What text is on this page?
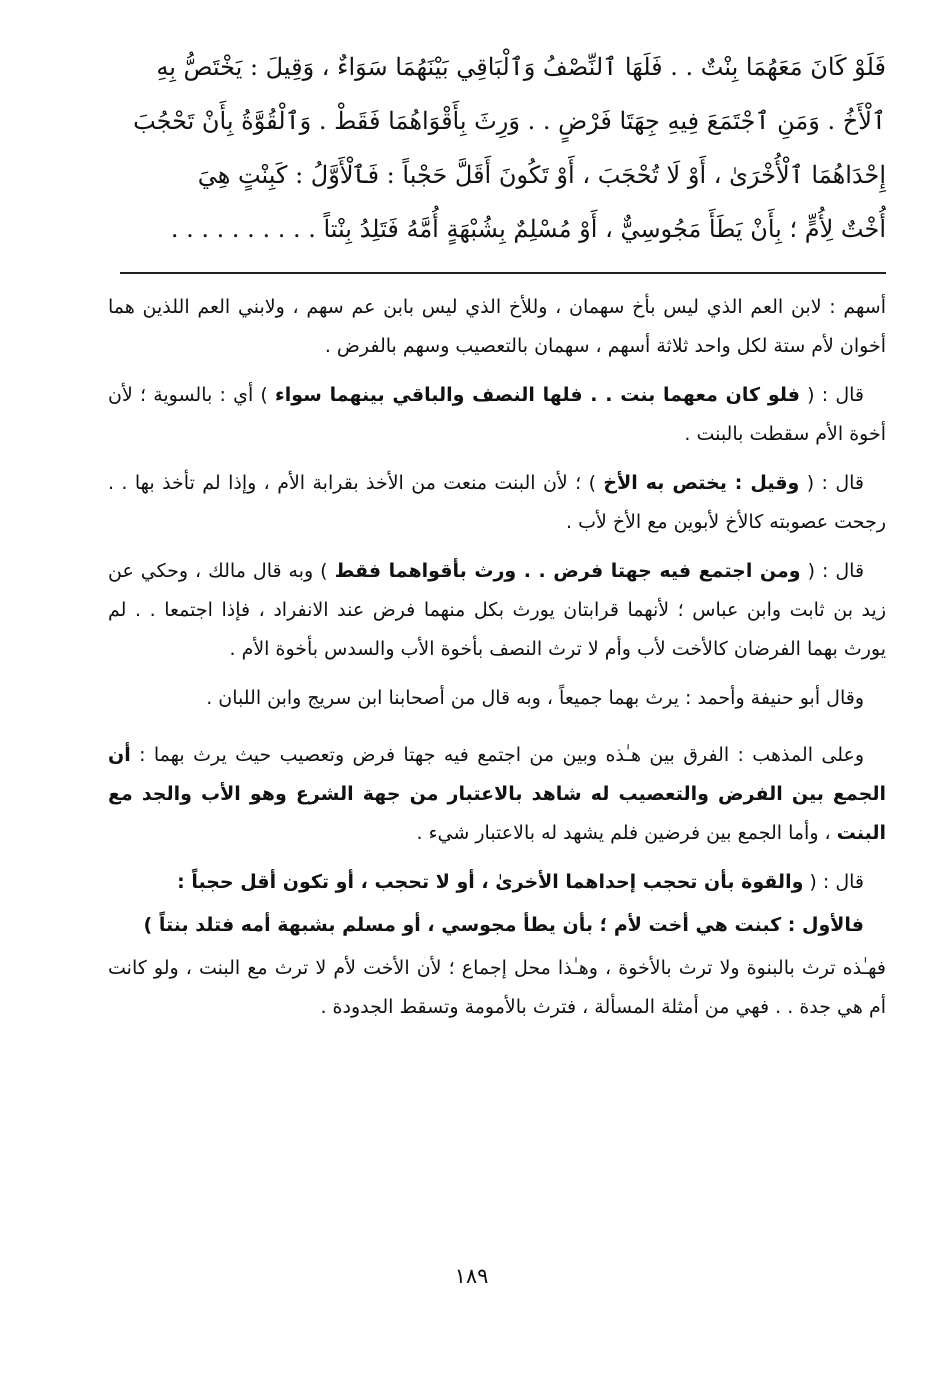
فَلَوْ كَانَ مَعَهُمَا بِنْتٌ . . فَلَهَا ٱلنِّصْفُ وَٱلْبَاقِي بَيْنَهُمَا سَوَاءٌ ، وَقِيلَ : يَخْتَصُّ بِهِ
ٱلْأَخُ . وَمَنِ ٱجْتَمَعَ فِيهِ جِهَتَا فَرْضٍ . . وَرِثَ بِأَقْوَاهُمَا فَقَطْ . وَٱلْقُوَّةُ بِأَنْ تَحْجُبَ
إِحْدَاهُمَا ٱلْأُخْرَىٰ ، أَوْ لَا تُحْجَبَ ، أَوْ تَكُونَ أَقَلَّ حَجْباً : فَٱلْأَوَّلُ : كَبِنْتٍ هِيَ
أُخْتٌ لِأُمٍّ ؛ بِأَنْ يَطَأَ مَجُوسِيٌّ ، أَوْ مُسْلِمٌ بِشُبْهَةٍ أُمَّهُ فَتَلِدُ بِنْتاً . . . . . . . . . .

أسهم : لابن العم الذي ليس بأخ سهمان ، وللأخ الذي ليس بابن عم سهم ، ولابني العم اللذين هما أخوان لأم ستة لكل واحد ثلاثة أسهم ، سهمان بالتعصيب وسهم بالفرض .

قال : ( فلو كان معهما بنت . . فلها النصف والباقي بينهما سواء ) أي : بالسوية ؛ لأن أخوة الأم سقطت بالبنت .

قال : ( وقيل : يختص به الأخ ) ؛ لأن البنت منعت من الأخذ بقرابة الأم ، وإذا لم تأخذ بها . . رجحت عصوبته كالأخ لأبوين مع الأخ لأب .

قال : ( ومن اجتمع فيه جهتا فرض . . ورث بأقواهما فقط ) وبه قال مالك ، وحكي عن زيد بن ثابت وابن عباس ؛ لأنهما قرابتان يورث بكل منهما فرض عند الانفراد ، فإذا اجتمعا . . لم يورث بهما الفرضان كالأخت لأب وأم لا ترث النصف بأخوة الأب والسدس بأخوة الأم .

وقال أبو حنيفة وأحمد : يرث بهما جميعاً ، وبه قال من أصحابنا ابن سريج وابن اللبان .

وعلى المذهب : الفرق بين هـٰذه وبين من اجتمع فيه جهتا فرض وتعصيب حيث يرث بهما : أن الجمع بين الفرض والتعصيب له شاهد بالاعتبار من جهة الشرع وهو الأب والجد مع البنت ، وأما الجمع بين فرضين فلم يشهد له بالاعتبار شيء .

قال : ( والقوة بأن تحجب إحداهما الأخرىٰ ، أو لا تحجب ، أو تكون أقل حجباً :

فالأول : كبنت هي أخت لأم ؛ بأن يطأ مجوسي ، أو مسلم بشبهة أمه فتلد بنتاً )

فهـٰذه ترث بالبنوة ولا ترث بالأخوة ، وهـٰذا محل إجماع ؛ لأن الأخت لأم لا ترث مع البنت ، ولو كانت أم هي جدة . . فهي من أمثلة المسألة ، فترث بالأمومة وتسقط الجدودة .

١٨٩
